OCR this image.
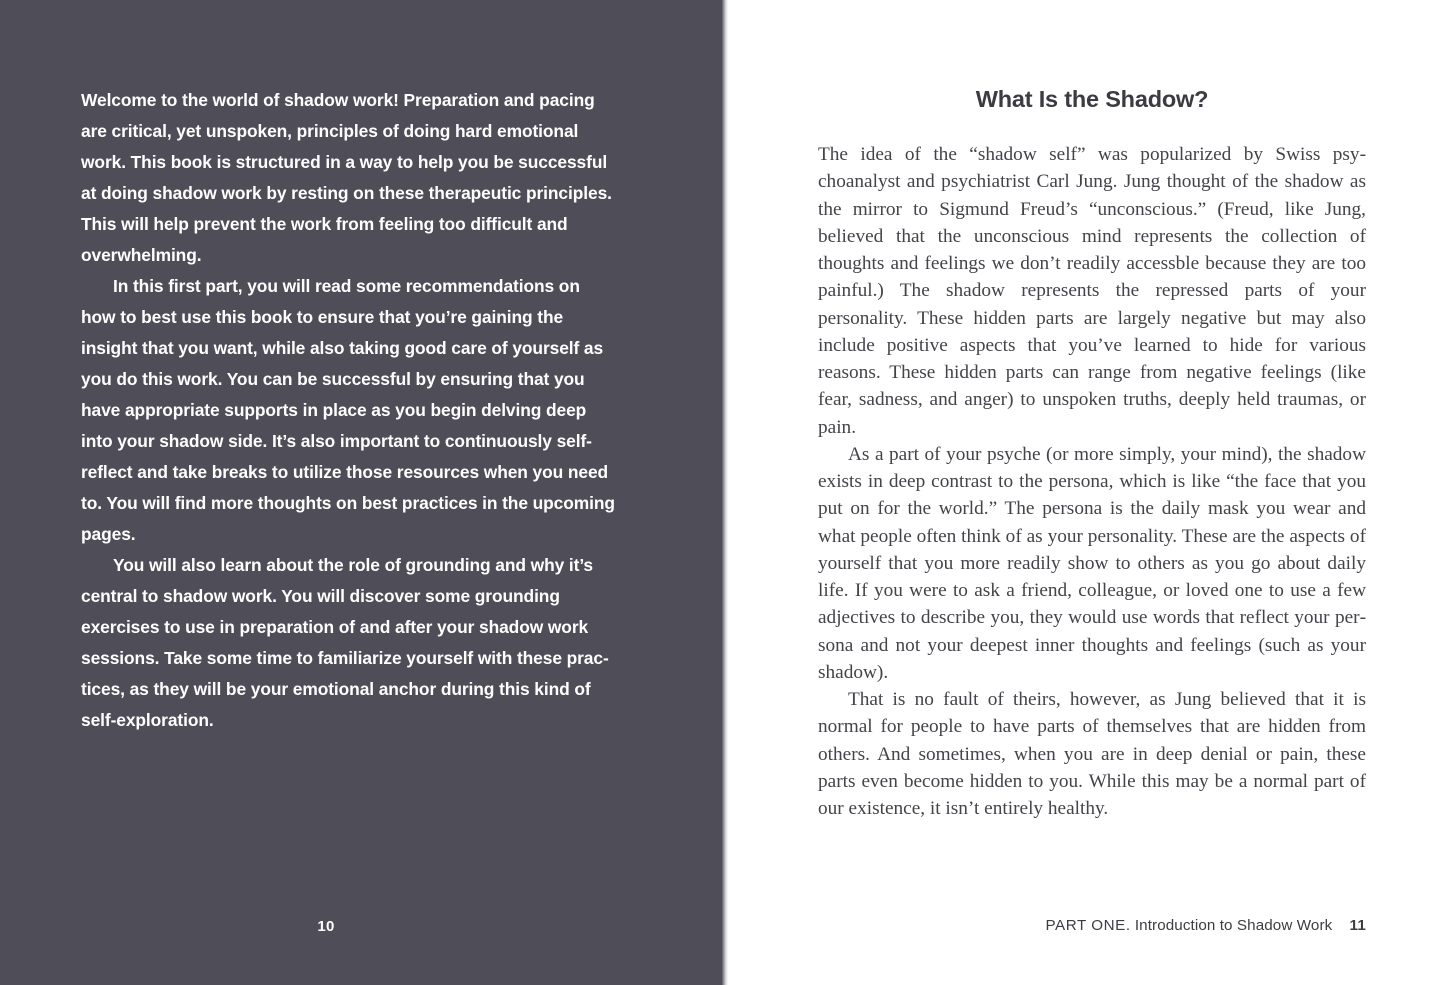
Welcome to the world of shadow work! Preparation and pacing are critical, yet unspoken, principles of doing hard emotional work. This book is structured in a way to help you be successful at doing shadow work by resting on these therapeutic principles. This will help prevent the work from feeling too difficult and overwhelming.

In this first part, you will read some recommendations on how to best use this book to ensure that you’re gaining the insight that you want, while also taking good care of yourself as you do this work. You can be successful by ensuring that you have appropriate supports in place as you begin delving deep into your shadow side. It’s also important to continuously self-reflect and take breaks to utilize those resources when you need to. You will find more thoughts on best practices in the upcoming pages.

You will also learn about the role of grounding and why it’s central to shadow work. You will discover some grounding exercises to use in preparation of and after your shadow work sessions. Take some time to familiarize yourself with these prac-tices, as they will be your emotional anchor during this kind of self-exploration.

10
What Is the Shadow?

The idea of the “shadow self” was popularized by Swiss psychoanalyst and psychiatrist Carl Jung. Jung thought of the shadow as the mirror to Sigmund Freud’s “unconscious.” (Freud, like Jung, believed that the unconscious mind represents the collection of thoughts and feelings we don’t readily accessble because they are too painful.) The shadow represents the repressed parts of your personality. These hidden parts are largely negative but may also include positive aspects that you’ve learned to hide for various reasons. These hidden parts can range from negative feelings (like fear, sadness, and anger) to unspoken truths, deeply held traumas, or pain.

As a part of your psyche (or more simply, your mind), the shadow exists in deep contrast to the persona, which is like “the face that you put on for the world.” The persona is the daily mask you wear and what people often think of as your personality. These are the aspects of yourself that you more readily show to others as you go about daily life. If you were to ask a friend, colleague, or loved one to use a few adjectives to describe you, they would use words that reflect your persona and not your deepest inner thoughts and feelings (such as your shadow).

That is no fault of theirs, however, as Jung believed that it is normal for people to have parts of themselves that are hidden from others. And sometimes, when you are in deep denial or pain, these parts even become hidden to you. While this may be a normal part of our existence, it isn’t entirely healthy.

PART ONE. Introduction to Shadow Work 11
